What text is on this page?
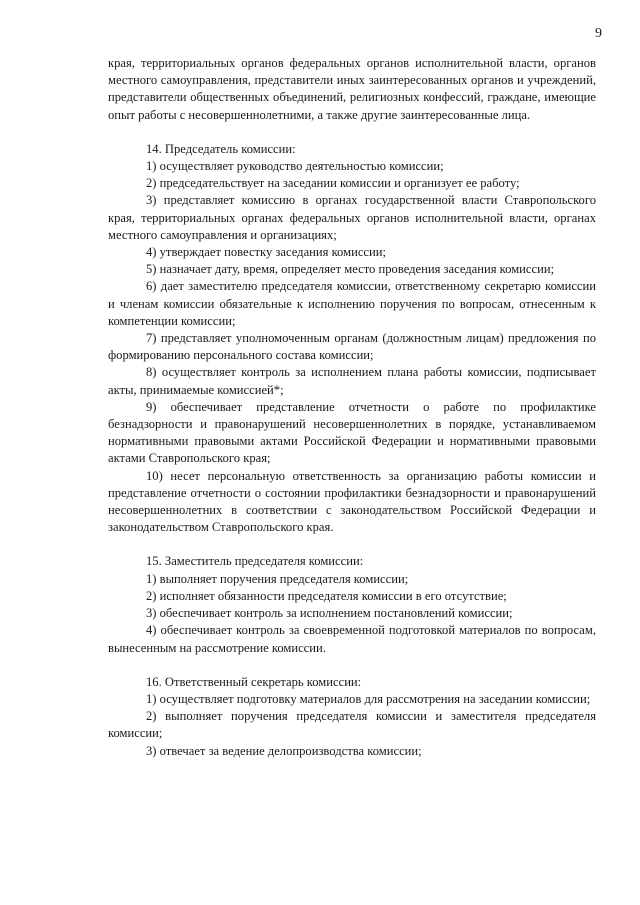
9

края, территориальных органов федеральных органов исполнительной власти, органов местного самоуправления, представители иных заинтересованных органов и учреждений, представители общественных объединений, религиозных конфессий, граждане, имеющие опыт работы с несовершеннолетними, а также другие заинтересованные лица.

14. Председатель комиссии:

1) осуществляет руководство деятельностью комиссии;

2) председательствует на заседании комиссии и организует ее работу;

3) представляет комиссию в органах государственной власти Ставропольского края, территориальных органах федеральных органов исполнительной власти, органах местного самоуправления и организациях;

4) утверждает повестку заседания комиссии;

5) назначает дату, время, определяет место проведения заседания комиссии;

6) дает заместителю председателя комиссии, ответственному секретарю комиссии и членам комиссии обязательные к исполнению поручения по вопросам, отнесенным к компетенции комиссии;

7) представляет уполномоченным органам (должностным лицам) предложения по формированию персонального состава комиссии;

8) осуществляет контроль за исполнением плана работы комиссии, подписывает акты, принимаемые комиссией*;

9) обеспечивает представление отчетности о работе по профилактике безнадзорности и правонарушений несовершеннолетних в порядке, устанавливаемом нормативными правовыми актами Российской Федерации и нормативными правовыми актами Ставропольского края;

10) несет персональную ответственность за организацию работы комиссии и представление отчетности о состоянии профилактики безнадзорности и правонарушений несовершеннолетних в соответствии с законодательством Российской Федерации и законодательством Ставропольского края.

15. Заместитель председателя комиссии:

1) выполняет поручения председателя комиссии;

2) исполняет обязанности председателя комиссии в его отсутствие;

3) обеспечивает контроль за исполнением постановлений комиссии;

4) обеспечивает контроль за своевременной подготовкой материалов по вопросам, вынесенным на рассмотрение комиссии.

16. Ответственный секретарь комиссии:

1) осуществляет подготовку материалов для рассмотрения на заседании комиссии;

2) выполняет поручения председателя комиссии и заместителя председателя комиссии;

3) отвечает за ведение делопроизводства комиссии;
